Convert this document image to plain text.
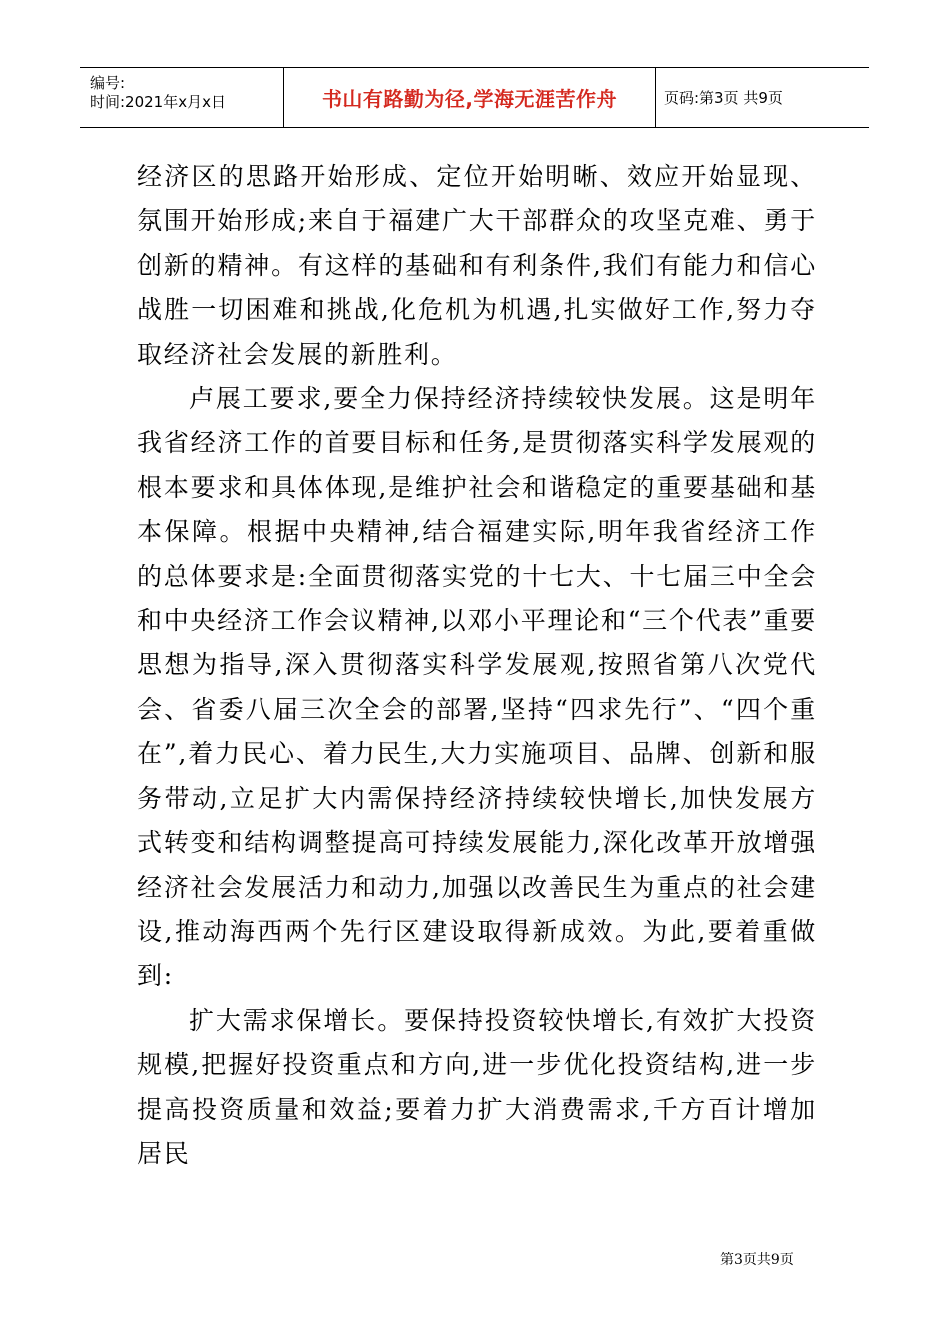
编号:
时间:2021年x月x日	书山有路勤为径,学海无涯苦作舟	页码:第3页 共9页

经济区的思路开始形成、定位开始明晰、效应开始显现、氛围开始形成;来自于福建广大干部群众的攻坚克难、勇于创新的精神。有这样的基础和有利条件,我们有能力和信心战胜一切困难和挑战,化危机为机遇,扎实做好工作,努力夺取经济社会发展的新胜利。

卢展工要求,要全力保持经济持续较快发展。这是明年我省经济工作的首要目标和任务,是贯彻落实科学发展观的根本要求和具体体现,是维护社会和谐稳定的重要基础和基本保障。根据中央精神,结合福建实际,明年我省经济工作的总体要求是:全面贯彻落实党的十七大、十七届三中全会和中央经济工作会议精神,以邓小平理论和“三个代表”重要思想为指导,深入贯彻落实科学发展观,按照省第八次党代会、省委八届三次全会的部署,坚持“四求先行”、“四个重在”,着力民心、着力民生,大力实施项目、品牌、创新和服务带动,立足扩大内需保持经济持续较快增长,加快发展方式转变和结构调整提高可持续发展能力,深化改革开放增强经济社会发展活力和动力,加强以改善民生为重点的社会建设,推动海西两个先行区建设取得新成效。为此,要着重做到:

扩大需求保增长。要保持投资较快增长,有效扩大投资规模,把握好投资重点和方向,进一步优化投资结构,进一步提高投资质量和效益;要着力扩大消费需求,千方百计增加居民

第3页共9页
